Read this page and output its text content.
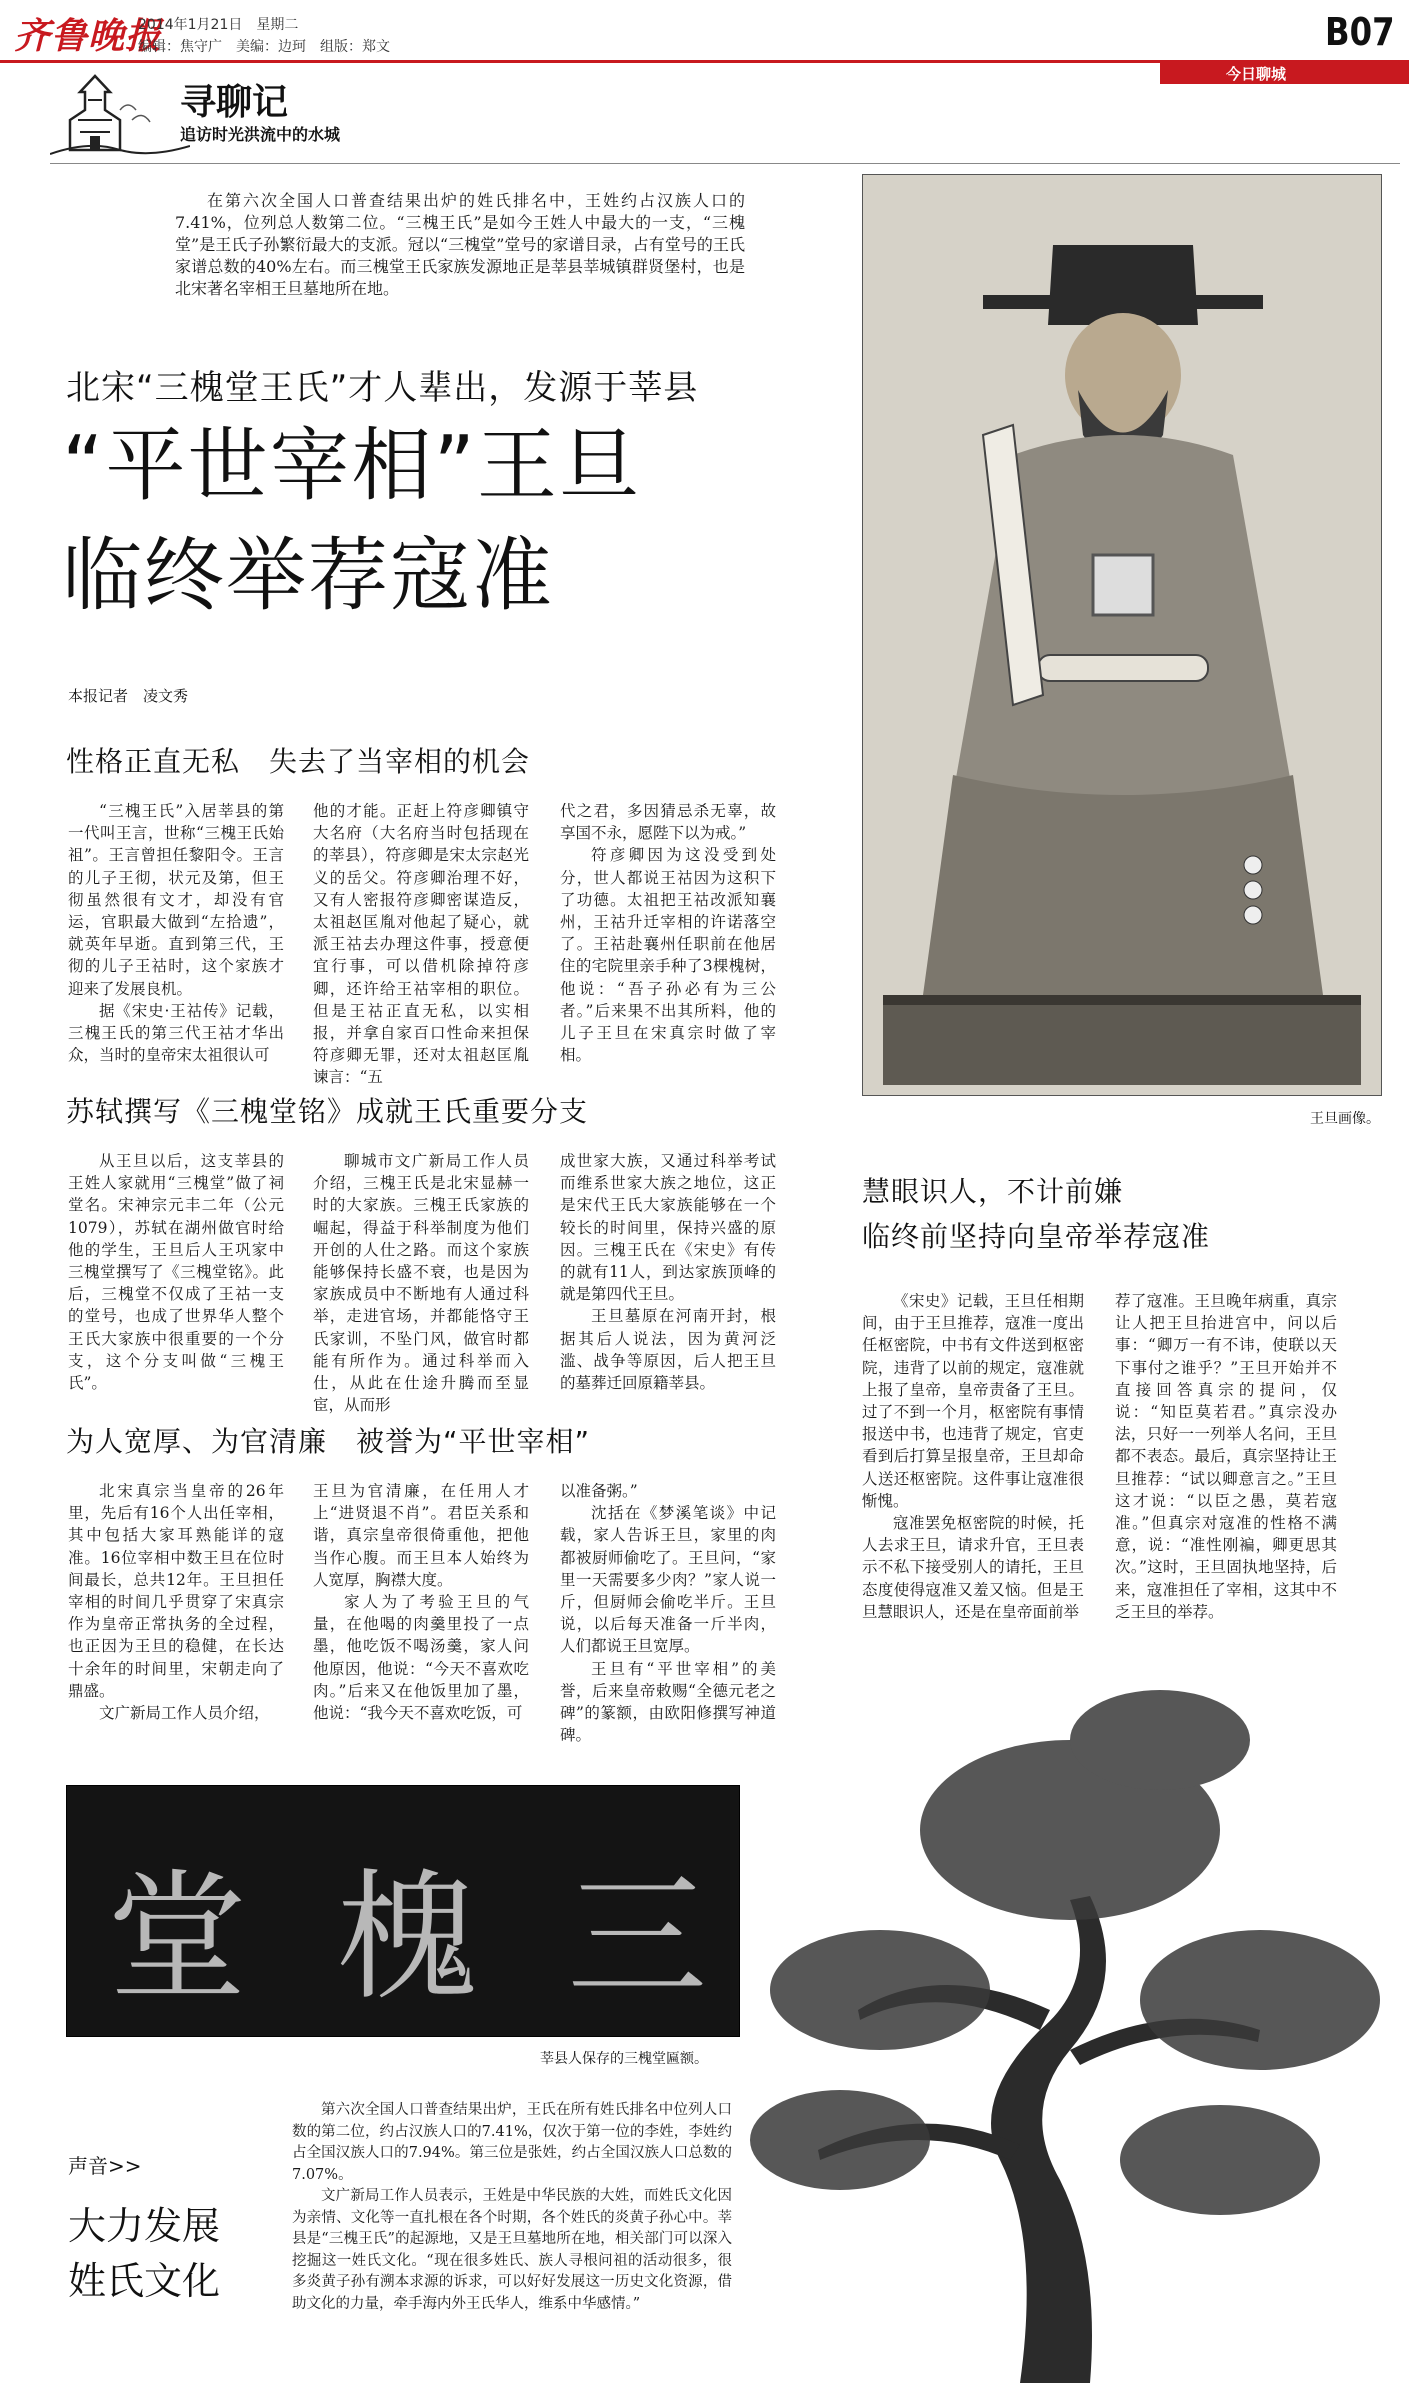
齐鲁晚报
2014年1月21日　星期二
编辑：焦守广　美编：边珂　组版：郑文	B07
今日聊城
寻聊记
追访时光洪流中的水城

在第六次全国人口普查结果出炉的姓氏排名中，王姓约占汉族人口的7.41%，位列总人数第二位。“三槐王氏”是如今王姓人中最大的一支，“三槐堂”是王氏子孙繁衍最大的支派。冠以“三槐堂”堂号的家谱目录，占有堂号的王氏家谱总数的40%左右。而三槐堂王氏家族发源地正是莘县莘城镇群贤堡村，也是北宋著名宰相王旦墓地所在地。

北宋“三槐堂王氏”才人辈出，发源于莘县
“平世宰相”王旦
临终举荐寇准
本报记者　凌文秀
性格正直无私　失去了当宰相的机会

“三槐王氏”入居莘县的第一代叫王言，世称“三槐王氏始祖”。王言曾担任黎阳令。王言的儿子王彻，状元及第，但王彻虽然很有文才，却没有官运，官职最大做到“左拾遗”，就英年早逝。直到第三代，王彻的儿子王祜时，这个家族才迎来了发展良机。

据《宋史·王祜传》记载，三槐王氏的第三代王祜才华出众，当时的皇帝宋太祖很认可

他的才能。正赶上符彦卿镇守大名府（大名府当时包括现在的莘县），符彦卿是宋太宗赵光义的岳父。符彦卿治理不好，又有人密报符彦卿密谋造反，太祖赵匡胤对他起了疑心，就派王祜去办理这件事，授意便宜行事，可以借机除掉符彦卿，还许给王祜宰相的职位。但是王祜正直无私，以实相报，并拿自家百口性命来担保符彦卿无罪，还对太祖赵匡胤谏言：“五

代之君，多因猜忌杀无辜，故享国不永，愿陛下以为戒。”

符彦卿因为这没受到处分，世人都说王祜因为这积下了功德。太祖把王祜改派知襄州，王祜升迁宰相的许诺落空了。王祜赴襄州任职前在他居住的宅院里亲手种了3棵槐树，他说：“吾子孙必有为三公者。”后来果不出其所料，他的儿子王旦在宋真宗时做了宰相。

苏轼撰写《三槐堂铭》成就王氏重要分支

从王旦以后，这支莘县的王姓人家就用“三槐堂”做了祠堂名。宋神宗元丰二年（公元1079），苏轼在湖州做官时给他的学生，王旦后人王巩家中三槐堂撰写了《三槐堂铭》。此后，三槐堂不仅成了王祜一支的堂号，也成了世界华人整个王氏大家族中很重要的一个分支，这个分支叫做“三槐王氏”。

聊城市文广新局工作人员介绍，三槐王氏是北宋显赫一时的大家族。三槐王氏家族的崛起，得益于科举制度为他们开创的人仕之路。而这个家族能够保持长盛不衰，也是因为家族成员中不断地有人通过科举，走进官场，并都能恪守王氏家训，不坠门风，做官时都能有所作为。通过科举而入仕，从此在仕途升腾而至显宦，从而形

成世家大族，又通过科举考试而维系世家大族之地位，这正是宋代王氏大家族能够在一个较长的时间里，保持兴盛的原因。三槐王氏在《宋史》有传的就有11人，到达家族顶峰的就是第四代王旦。

王旦墓原在河南开封，根据其后人说法，因为黄河泛滥、战争等原因，后人把王旦的墓葬迁回原籍莘县。

为人宽厚、为官清廉　被誉为“平世宰相”

北宋真宗当皇帝的26年里，先后有16个人出任宰相，其中包括大家耳熟能详的寇准。16位宰相中数王旦在位时间最长，总共12年。王旦担任宰相的时间几乎贯穿了宋真宗作为皇帝正常执务的全过程，也正因为王旦的稳健，在长达十余年的时间里，宋朝走向了鼎盛。

文广新局工作人员介绍，

王旦为官清廉，在任用人才上“进贤退不肖”。君臣关系和谐，真宗皇帝很倚重他，把他当作心腹。而王旦本人始终为人宽厚，胸襟大度。

家人为了考验王旦的气量，在他喝的肉羹里投了一点墨，他吃饭不喝汤羹，家人问他原因，他说：“今天不喜欢吃肉。”后来又在他饭里加了墨，他说：“我今天不喜欢吃饭，可

以准备粥。”

沈括在《梦溪笔谈》中记载，家人告诉王旦，家里的肉都被厨师偷吃了。王旦问，“家里一天需要多少肉？”家人说一斤，但厨师会偷吃半斤。王旦说，以后每天准备一斤半肉，人们都说王旦宽厚。

王旦有“平世宰相”的美誉，后来皇帝敕赐“全德元老之碑”的篆额，由欧阳修撰写神道碑。

王旦画像。
慧眼识人，不计前嫌
临终前坚持向皇帝举荐寇准

《宋史》记载，王旦任相期间，由于王旦推荐，寇准一度出任枢密院，中书有文件送到枢密院，违背了以前的规定，寇准就上报了皇帝，皇帝责备了王旦。过了不到一个月，枢密院有事情报送中书，也违背了规定，官吏看到后打算呈报皇帝，王旦却命人送还枢密院。这件事让寇准很惭愧。

寇准罢免枢密院的时候，托人去求王旦，请求升官，王旦表示不私下接受别人的请托，王旦态度使得寇准又羞又恼。但是王旦慧眼识人，还是在皇帝面前举

荐了寇准。王旦晚年病重，真宗让人把王旦抬进宫中，问以后事：“卿万一有不讳，使联以天下事付之谁乎？”王旦开始并不直接回答真宗的提问，仅说：“知臣莫若君。”真宗没办法，只好一一列举人名问，王旦都不表态。最后，真宗坚持让王旦推荐：“试以卿意言之。”王旦这才说：“以臣之愚，莫若寇准。”但真宗对寇准的性格不满意，说：“准性刚褊，卿更思其次。”这时，王旦固执地坚持，后来，寇准担任了宰相，这其中不乏王旦的举荐。

堂 槐 三
莘县人保存的三槐堂匾额。
声音>>
大力发展
姓氏文化

第六次全国人口普查结果出炉，王氏在所有姓氏排名中位列人口数的第二位，约占汉族人口的7.41%，仅次于第一位的李姓，李姓约占全国汉族人口的7.94%。第三位是张姓，约占全国汉族人口总数的7.07%。

文广新局工作人员表示，王姓是中华民族的大姓，而姓氏文化因为亲情、文化等一直扎根在各个时期，各个姓氏的炎黄子孙心中。莘县是“三槐王氏”的起源地，又是王旦墓地所在地，相关部门可以深入挖掘这一姓氏文化。“现在很多姓氏、族人寻根问祖的活动很多，很多炎黄子孙有溯本求源的诉求，可以好好发展这一历史文化资源，借助文化的力量，牵手海内外王氏华人，维系中华感情。”
